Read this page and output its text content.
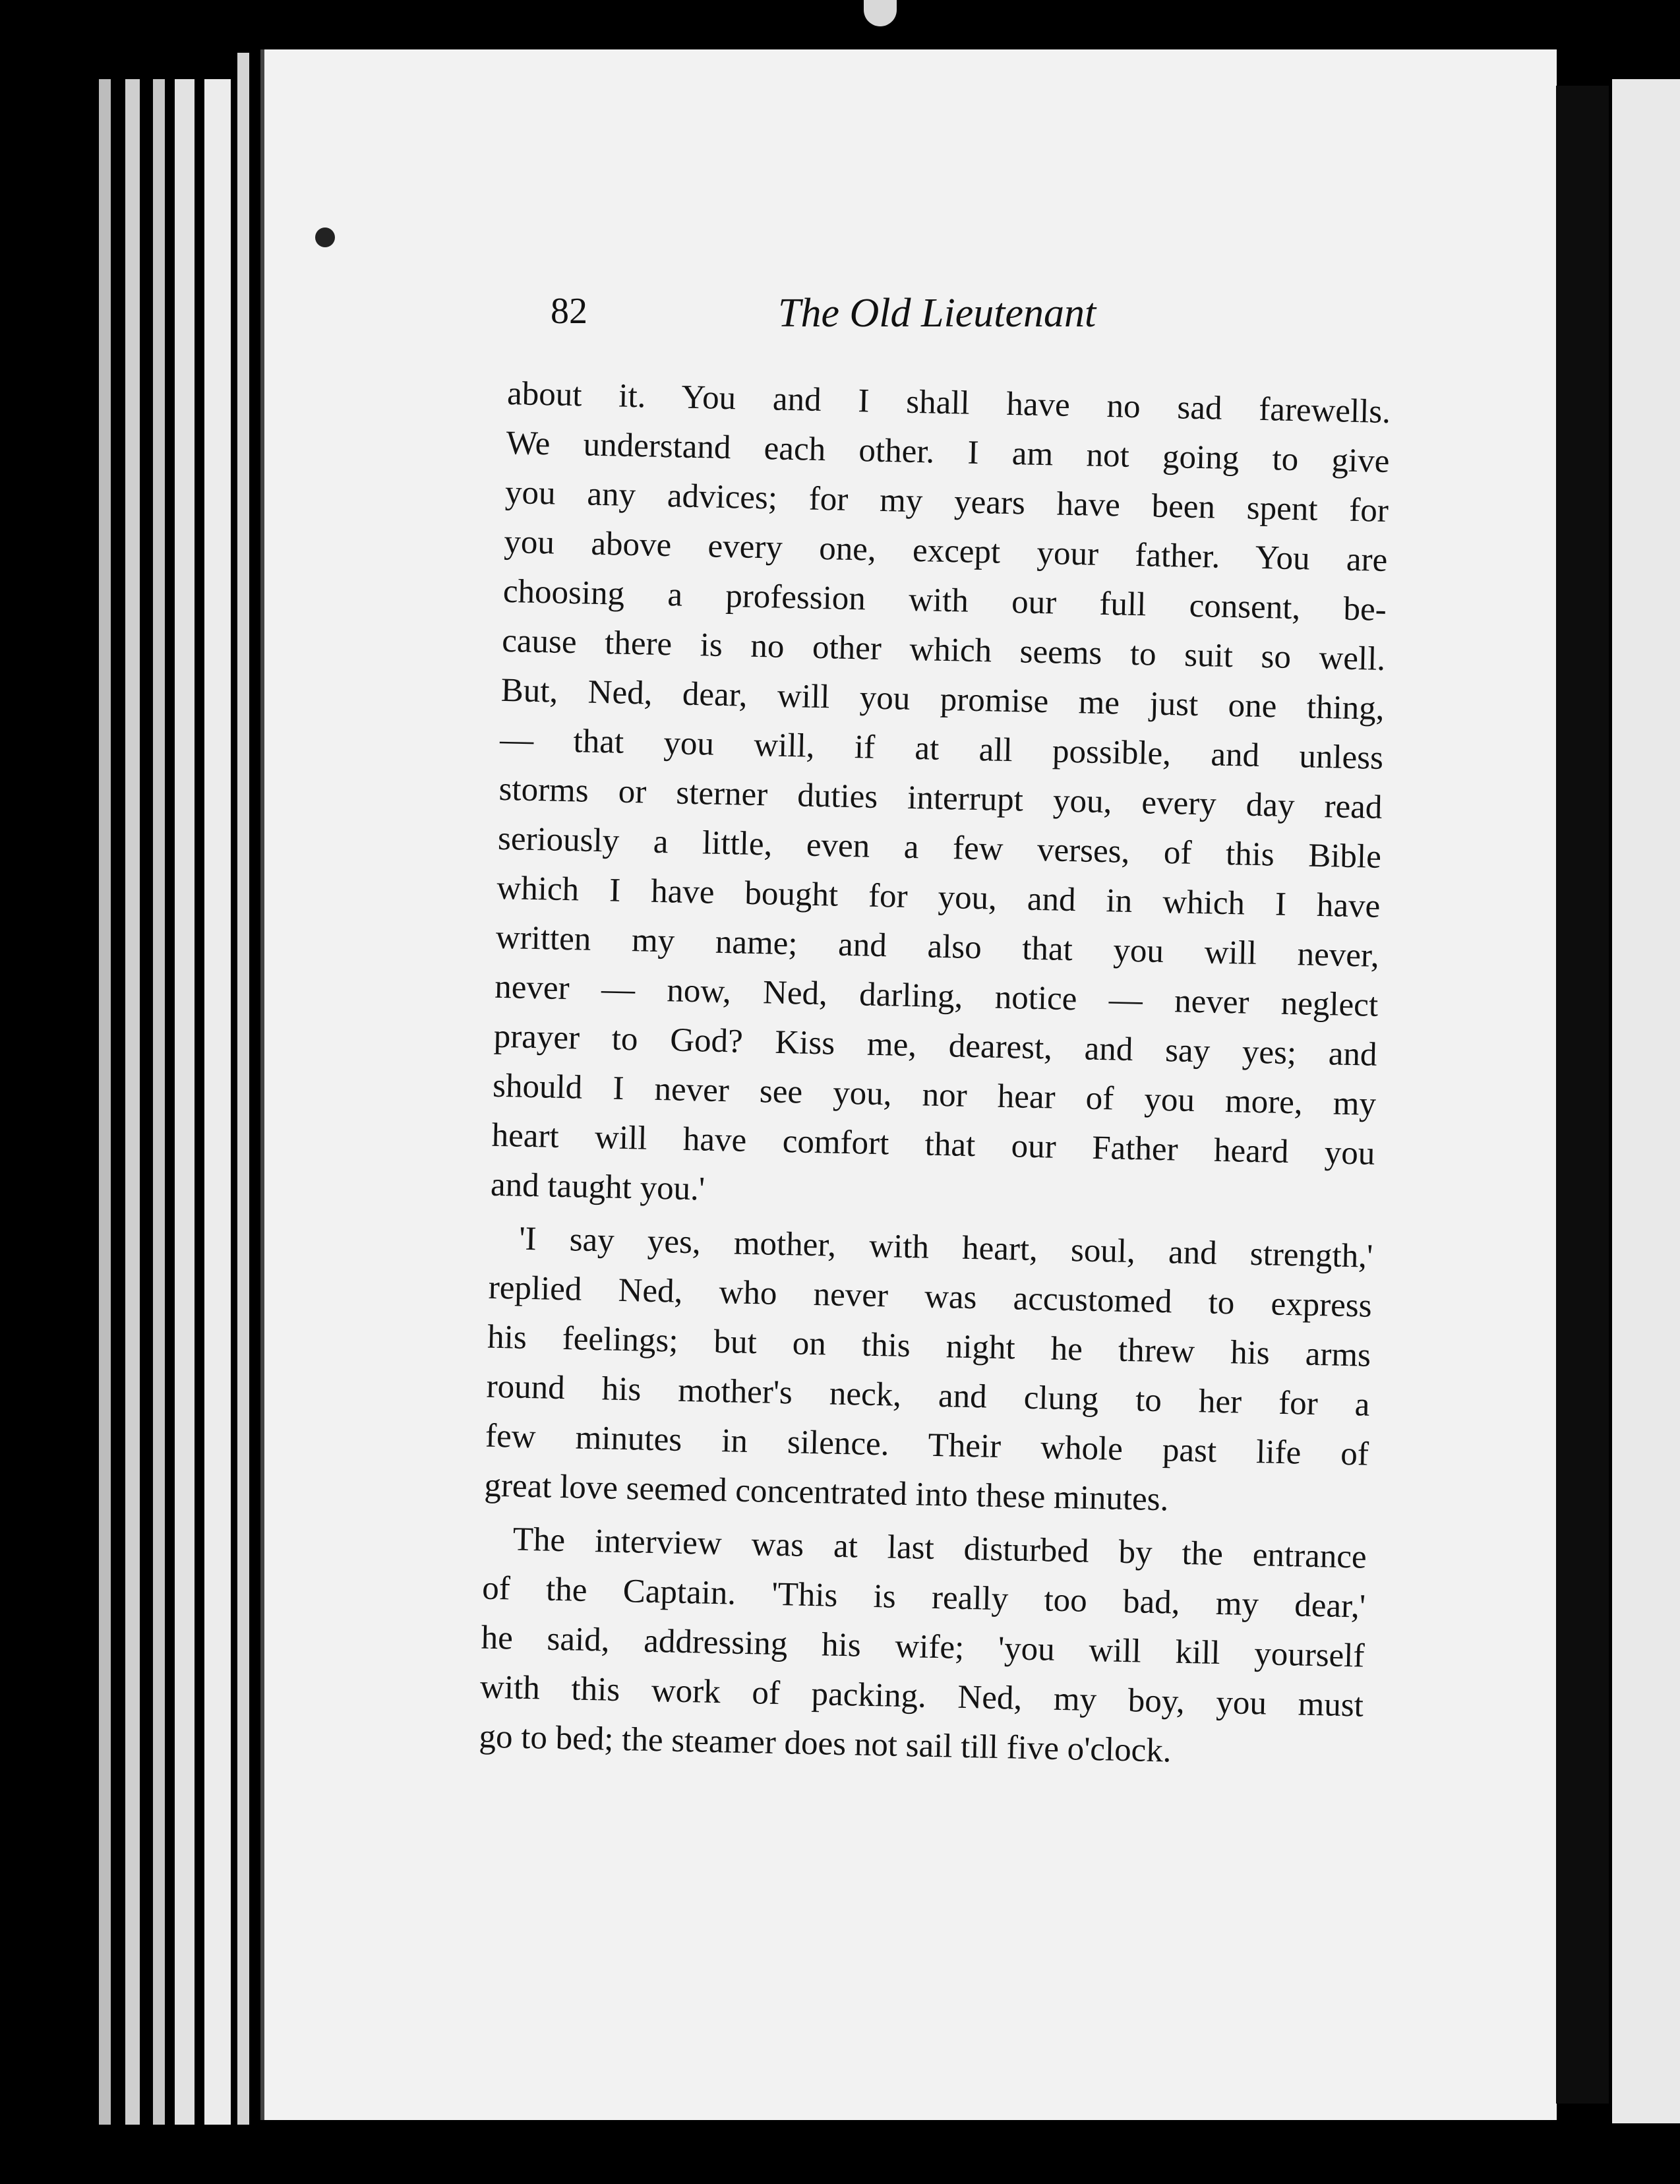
82	The Old Lieutenant
about it. You and I shall have no sad farewells.
We understand each other. I am not going to give
you any advices; for my years have been spent for
you above every one, except your father. You are
choosing a profession with our full consent, be-
cause there is no other which seems to suit so well.
But, Ned, dear, will you promise me just one thing,
— that you will, if at all possible, and unless
storms or sterner duties interrupt you, every day read
seriously a little, even a few verses, of this Bible
which I have bought for you, and in which I have
written my name; and also that you will never,
never — now, Ned, darling, notice — never neglect
prayer to God? Kiss me, dearest, and say yes; and
should I never see you, nor hear of you more, my
heart will have comfort that our Father heard you
and taught you.'
'I say yes, mother, with heart, soul, and strength,'
replied Ned, who never was accustomed to express
his feelings; but on this night he threw his arms
round his mother's neck, and clung to her for a
few minutes in silence. Their whole past life of
great love seemed concentrated into these minutes.
The interview was at last disturbed by the entrance
of the Captain. 'This is really too bad, my dear,'
he said, addressing his wife; 'you will kill yourself
with this work of packing. Ned, my boy, you must
go to bed; the steamer does not sail till five o'clock.
